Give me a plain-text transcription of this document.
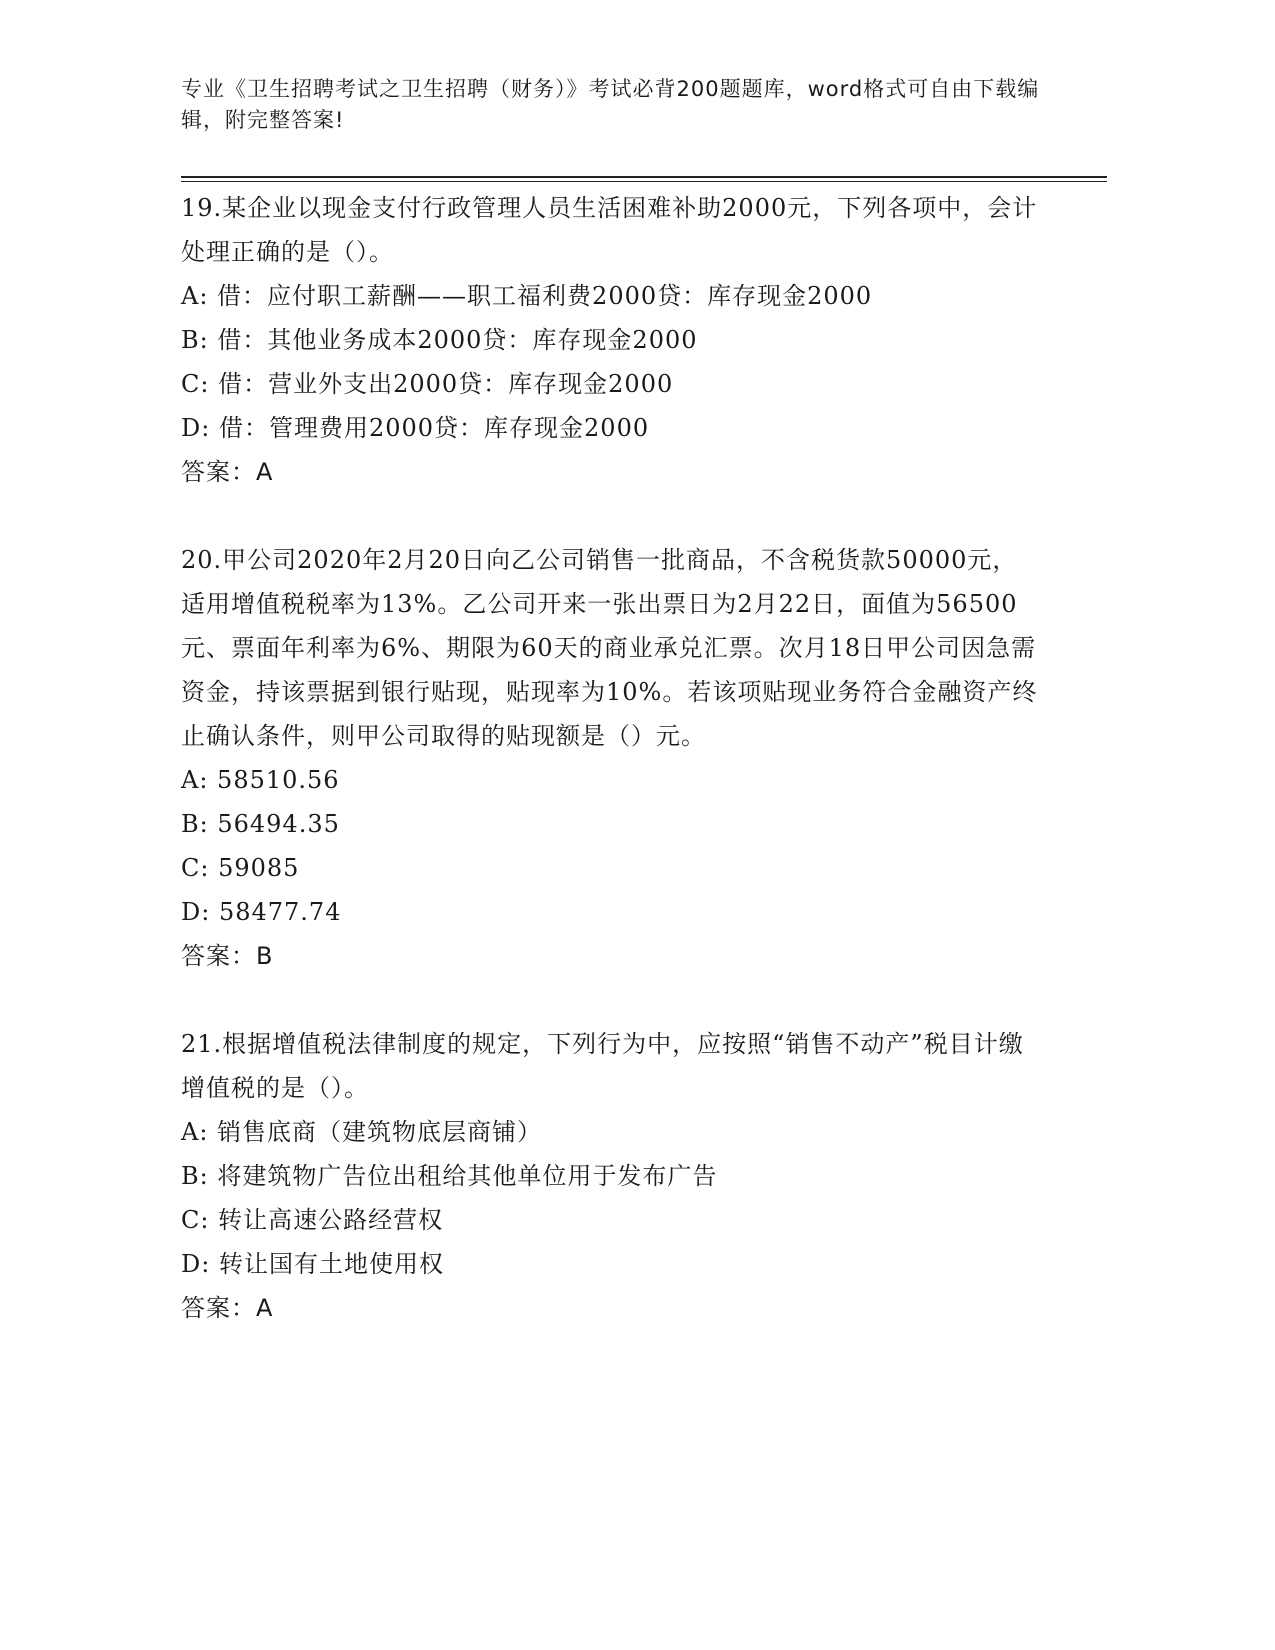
专业《卫生招聘考试之卫生招聘（财务）》考试必背200题题库，word格式可自由下载编辑，附完整答案!
19.某企业以现金支付行政管理人员生活困难补助2000元，下列各项中，会计处理正确的是（）。
A: 借：应付职工薪酬——职工福利费2000贷：库存现金2000
B: 借：其他业务成本2000贷：库存现金2000
C: 借：营业外支出2000贷：库存现金2000
D: 借：管理费用2000贷：库存现金2000
答案：A
20.甲公司2020年2月20日向乙公司销售一批商品，不含税货款50000元，适用增值税税率为13%。乙公司开来一张出票日为2月22日，面值为56500元、票面年利率为6%、期限为60天的商业承兑汇票。次月18日甲公司因急需资金，持该票据到银行贴现，贴现率为10%。若该项贴现业务符合金融资产终止确认条件，则甲公司取得的贴现额是（）元。
A: 58510.56
B: 56494.35
C: 59085
D: 58477.74
答案：B
21.根据增值税法律制度的规定，下列行为中，应按照“销售不动产”税目计缴增值税的是（）。
A: 销售底商（建筑物底层商铺）
B: 将建筑物广告位出租给其他单位用于发布广告
C: 转让高速公路经营权
D: 转让国有土地使用权
答案：A
